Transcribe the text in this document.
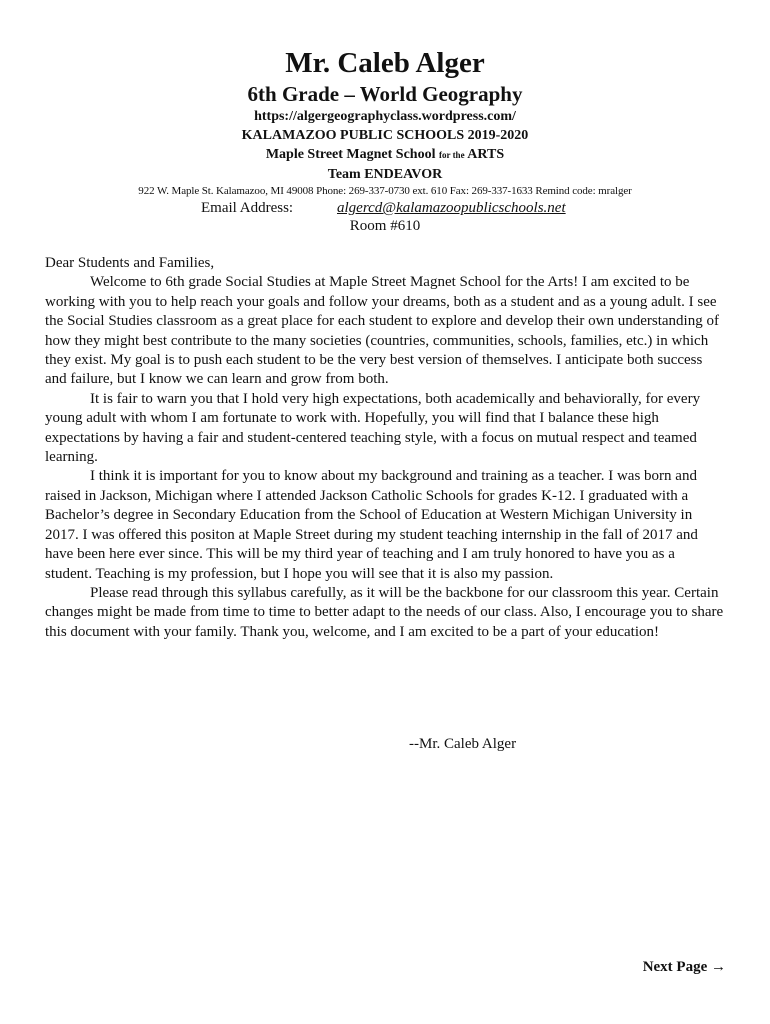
Mr. Caleb Alger
6th Grade – World Geography
https://algergeographyclass.wordpress.com/
KALAMAZOO PUBLIC SCHOOLS 2019-2020
Maple Street Magnet School for the ARTS
Team ENDEAVOR
922 W. Maple St. Kalamazoo, MI 49008 Phone: 269-337-0730 ext. 610 Fax: 269-337-1633 Remind code: mralger
Email Address:	algercd@kalamazoopublicschools.net
Room #610

Dear Students and Families,

Welcome to 6th grade Social Studies at Maple Street Magnet School for the Arts! I am excited to be working with you to help reach your goals and follow your dreams, both as a student and as a young adult. I see the Social Studies classroom as a great place for each student to explore and develop their own understanding of how they might best contribute to the many societies (countries, communities, schools, families, etc.) in which they exist. My goal is to push each student to be the very best version of themselves. I anticipate both success and failure, but I know we can learn and grow from both.

It is fair to warn you that I hold very high expectations, both academically and behaviorally, for every young adult with whom I am fortunate to work with. Hopefully, you will find that I balance these high expectations by having a fair and student-centered teaching style, with a focus on mutual respect and teamed learning.

I think it is important for you to know about my background and training as a teacher. I was born and raised in Jackson, Michigan where I attended Jackson Catholic Schools for grades K-12. I graduated with a Bachelor’s degree in Secondary Education from the School of Education at Western Michigan University in 2017. I was offered this positon at Maple Street during my student teaching internship in the fall of 2017 and have been here ever since. This will be my third year of teaching and I am truly honored to have you as a student. Teaching is my profession, but I hope you will see that it is also my passion.

Please read through this syllabus carefully, as it will be the backbone for our classroom this year. Certain changes might be made from time to time to better adapt to the needs of our class. Also, I encourage you to share this document with your family. Thank you, welcome, and I am excited to be a part of your education!

--Mr. Caleb Alger
Next Page →
